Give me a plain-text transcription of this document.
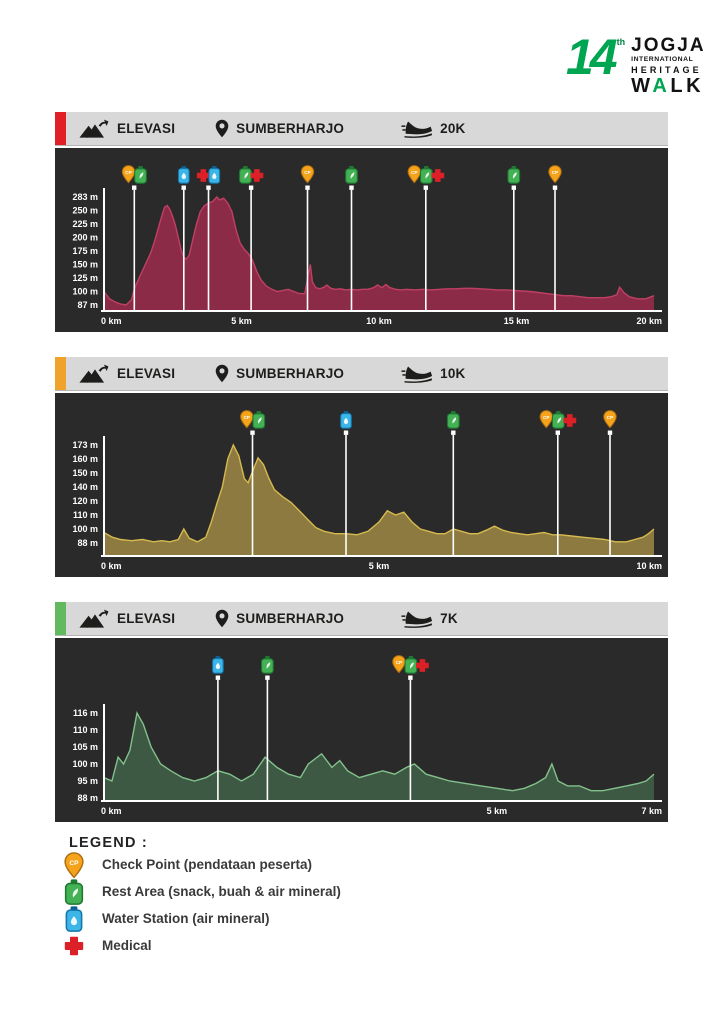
14 th JOGJA
INTERNATIONAL
HERITAGE
WALK
ELEVASI	SUMBERHARJO	20K
283 m
250 m
225 m
200 m
175 m
150 m
125 m
100 m
87 m
0 km	5 km	10 km	15 km	20 km
CP	CP	CP	CP
ELEVASI	SUMBERHARJO	10K
173 m
160 m
150 m
140 m
120 m
110 m
100 m
88 m
0 km	5 km	10 km
CP	CP	CP
ELEVASI	SUMBERHARJO	7K
116 m
110 m
105 m
100 m
95 m
88 m
0 km	5 km	7 km
CP
LEGEND :
CP Check Point (pendataan peserta)
Rest Area (snack, buah & air mineral)
Water Station (air mineral)
Medical
